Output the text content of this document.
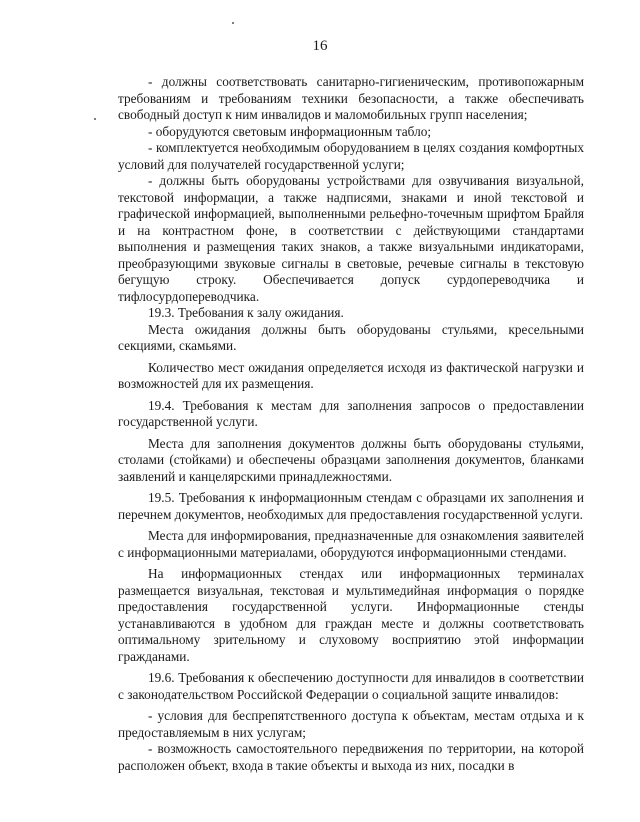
16

- должны соответствовать санитарно-гигиеническим, противопожарным требованиям и требованиям техники безопасности, а также обеспечивать свободный доступ к ним инвалидов и маломобильных групп населения;

- оборудуются световым информационным табло;

- комплектуется необходимым оборудованием в целях создания комфортных условий для получателей государственной услуги;

- должны быть оборудованы устройствами для озвучивания визуальной, текстовой информации, а также надписями, знаками и иной текстовой и графической информацией, выполненными рельефно-точечным шрифтом Брайля и на контрастном фоне, в соответствии с действующими стандартами выполнения и размещения таких знаков, а также визуальными индикаторами, преобразующими звуковые сигналы в световые, речевые сигналы в текстовую бегущую строку. Обеспечивается допуск сурдопереводчика и тифлосурдопереводчика.

19.3. Требования к залу ожидания.

Места ожидания должны быть оборудованы стульями, кресельными секциями, скамьями.

Количество мест ожидания определяется исходя из фактической нагрузки и возможностей для их размещения.

19.4. Требования к местам для заполнения запросов о предоставлении государственной услуги.

Места для заполнения документов должны быть оборудованы стульями, столами (стойками) и обеспечены образцами заполнения документов, бланками заявлений и канцелярскими принадлежностями.

19.5. Требования к информационным стендам с образцами их заполнения и перечнем документов, необходимых для предоставления государственной услуги.

Места для информирования, предназначенные для ознакомления заявителей с информационными материалами, оборудуются информационными стендами.

На информационных стендах или информационных терминалах размещается визуальная, текстовая и мультимедийная информация о порядке предоставления государственной услуги. Информационные стенды устанавливаются в удобном для граждан месте и должны соответствовать оптимальному зрительному и слуховому восприятию этой информации гражданами.

19.6. Требования к обеспечению доступности для инвалидов в соответствии с законодательством Российской Федерации о социальной защите инвалидов:

- условия для беспрепятственного доступа к объектам, местам отдыха и к предоставляемым в них услугам;

- возможность самостоятельного передвижения по территории, на которой расположен объект, входа в такие объекты и выхода из них, посадки в
